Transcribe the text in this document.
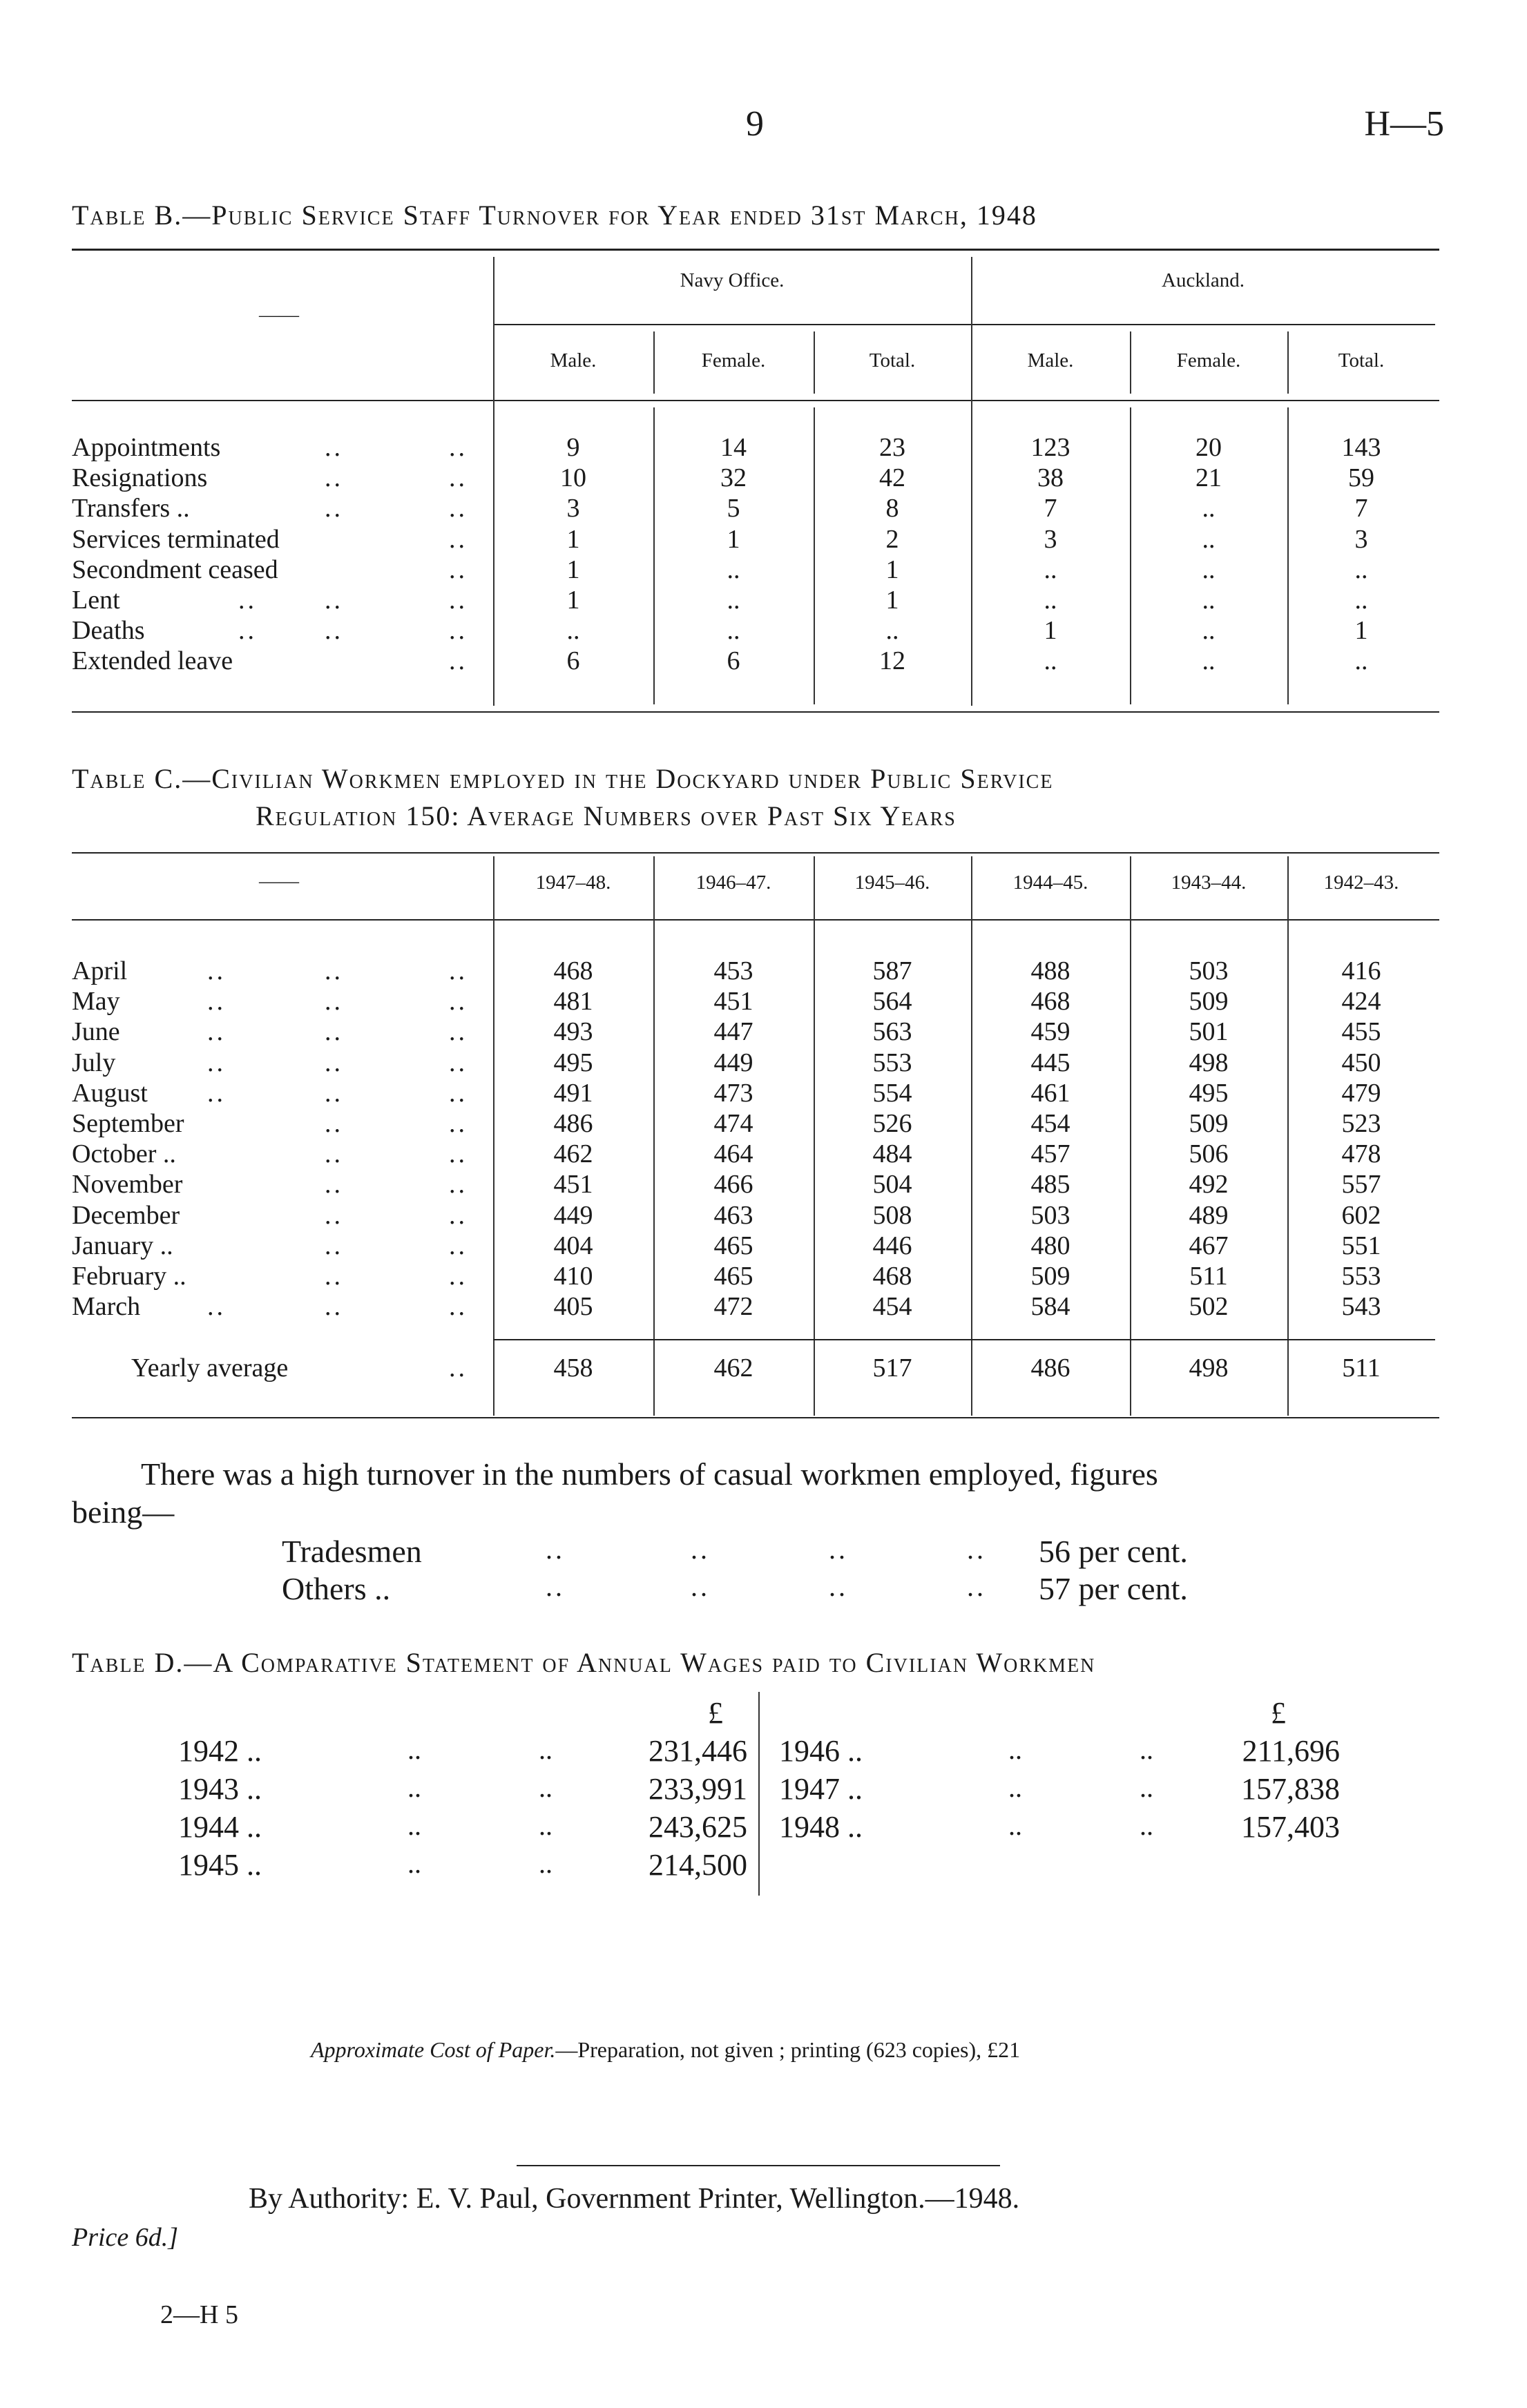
9	H—5
Table B.—Public Service Staff Turnover for Year ended 31st March, 1948
Table C.—Civilian Workmen employed in the Dockyard under Public Service
Regulation 150: Average Numbers over Past Six Years
There was a high turnover in the numbers of casual workmen employed, figures
being—
Table D.—A Comparative Statement of Annual Wages paid to Civilian Workmen
Approximate Cost of Paper.—Preparation, not given ; printing (623 copies), £21
By Authority: E. V. Paul, Government Printer, Wellington.—1948.
Price 6d.]
2—H 5
——
Navy Office.	Auckland.
Male.	Female.	Total.	Male.	Female.	Total.
Appointments	..	..	9	14	23	123	20	143
Resignations	..	..	10	32	42	38	21	59
Transfers ..	..	..	3	5	8	7	..	7
Services terminated	..	1	1	2	3	..	3
Secondment ceased	..	1	..	1	..	..	..
Lent	..	..	..	1	..	1	..	..	..
Deaths	..	..	..	..	..	..	1	..	1
Extended leave	..	6	6	12	..	..	..
——	1947–48.	1946–47.	1945–46.	1944–45.	1943–44.	1942–43.
April	..	..	..	468	453	587	488	503	416
May	..	..	..	481	451	564	468	509	424
June	..	..	..	493	447	563	459	501	455
July	..	..	..	495	449	553	445	498	450
August ..	..	..	491	473	554	461	495	479
September	..	..	486	474	526	454	509	523
October ..	..	..	462	464	484	457	506	478
November	..	..	451	466	504	485	492	557
December	..	..	449	463	508	503	489	602
January ..	..	..	404	465	446	480	467	551
February ..	..	..	410	465	468	509	511	553
March	..	..	..	405	472	454	584	502	543
Yearly average	..	458	462	517	486	498	511
Tradesmen	..	..	..	.. 56 per cent.
Others ..	..	..	..	.. 57 per cent.
£	£
1942 ..	..	..	231,446
1943 ..	..	..	233,991
1944 ..	..	..	243,625
1945 ..	..	..	214,500
1946 ..	..	..	211,696
1947 ..	..	..	157,838
1948 ..	..	..	157,403
